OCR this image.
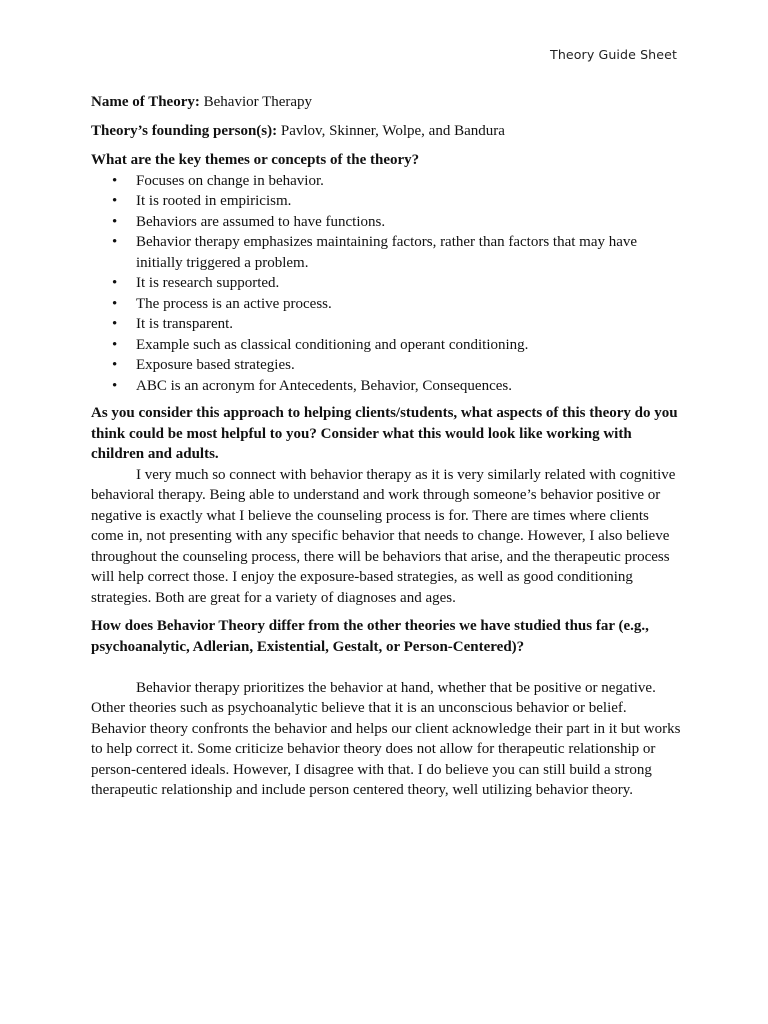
Theory Guide Sheet

Name of Theory: Behavior Therapy

Theory’s founding person(s): Pavlov, Skinner, Wolpe, and Bandura

What are the key themes or concepts of the theory?

• Focuses on change in behavior.
• It is rooted in empiricism.
• Behaviors are assumed to have functions.
• Behavior therapy emphasizes maintaining factors, rather than factors that may have initially triggered a problem.
• It is research supported.
• The process is an active process.
• It is transparent.
• Example such as classical conditioning and operant conditioning.
• Exposure based strategies.
• ABC is an acronym for Antecedents, Behavior, Consequences.

As you consider this approach to helping clients/students, what aspects of this theory do you think could be most helpful to you? Consider what this would look like working with children and adults.

I very much so connect with behavior therapy as it is very similarly related with cognitive behavioral therapy. Being able to understand and work through someone’s behavior positive or negative is exactly what I believe the counseling process is for. There are times where clients come in, not presenting with any specific behavior that needs to change. However, I also believe throughout the counseling process, there will be behaviors that arise, and the therapeutic process will help correct those. I enjoy the exposure-based strategies, as well as good conditioning strategies. Both are great for a variety of diagnoses and ages.

How does Behavior Theory differ from the other theories we have studied thus far (e.g., psychoanalytic, Adlerian, Existential, Gestalt, or Person-Centered)?

Behavior therapy prioritizes the behavior at hand, whether that be positive or negative. Other theories such as psychoanalytic believe that it is an unconscious behavior or belief. Behavior theory confronts the behavior and helps our client acknowledge their part in it but works to help correct it. Some criticize behavior theory does not allow for therapeutic relationship or person-centered ideals. However, I disagree with that. I do believe you can still build a strong therapeutic relationship and include person centered theory, well utilizing behavior theory.
